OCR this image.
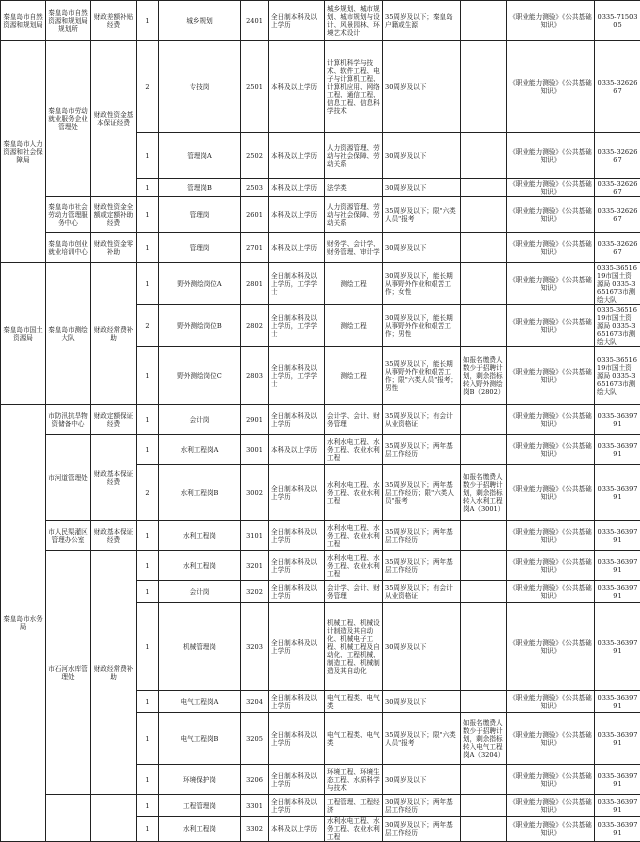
秦皇岛市自然资源和规划局	秦皇岛市自然资源和规划局规划所	财政差额补贴经费	1	城乡规划	2401	全日制本科及以上学历	城乡规划、城市规划、城市规划与设计、风景园林、环境艺术设计	35周岁及以下；秦皇岛户籍或生源		《职业能力测验》《公共基础知识》	0335-7150305
秦皇岛市人力资源和社会保障局	秦皇岛市劳动就业服务企业管理处	财政性资金基本保证经费	2	专技岗	2501	本科及以上学历	计算机科学与技术、软件工程、电子与计算机工程、计算机应用、网络工程、通信工程、信息工程、信息科学技术	30周岁及以下		《职业能力测验》《公共基础知识》	0335-3262667
			1	管理岗A	2502	本科及以上学历	人力资源管理、劳动与社会保障、劳动关系	30周岁及以下		《职业能力测验》《公共基础知识》	0335-3262667
			1	管理岗B	2503	本科及以上学历	法学类	30周岁及以下		《职业能力测验》《公共基础知识》	0335-3262667
	秦皇岛市社会劳动力管理服务中心	财政性资金全额或定额补助经费	1	管理岗	2601	本科及以上学历	人力资源管理、劳动与社会保障、劳动关系	35周岁及以下；限"六类人员"报考		《职业能力测验》《公共基础知识》	0335-3262667
	秦皇岛市创业就业培训中心	财政性资金零补助	1	管理岗	2701	本科及以上学历	财务学、会计学、财务管理、审计学	30周岁及以下		《职业能力测验》《公共基础知识》	0335-3262667
秦皇岛市国土资源局	秦皇岛市测绘大队	财政经常费补助	1	野外测绘岗位A	2801	全日制本科及以上学历，工学学士	测绘工程	30周岁及以下，能长期从事野外作业和艰苦工作；女性		《职业能力测验》《公共基础知识》	0335-3651619市国土资源局 0335-3651673市测绘大队
			2	野外测绘岗位B	2802	全日制本科及以上学历，工学学士	测绘工程	30周岁及以下，能长期从事野外作业和艰苦工作；男性		《职业能力测验》《公共基础知识》	0335-3651619市国土资源局 0335-3651673市测绘大队
			1	野外测绘岗位C	2803	全日制本科及以上学历，工学学士	测绘工程	35周岁及以下，能长期从事野外作业和艰苦工作；限"六类人员"报考；男性	如报名缴费人数少于招聘计划，剩余指标转入野外测绘岗B（2802）	《职业能力测验》《公共基础知识》	0335-3651619市国土资源局 0335-3651673市测绘大队
秦皇岛市水务局	市防汛抗旱物资储备中心	财政定额保证经费	1	会计岗	2901	全日制本科及以上学历	会计学、会计、财务管理	35周岁及以下；有会计从业资格证		《职业能力测验》《公共基础知识》	0335-3639791
	市河道管理处	财政基本保证经费	1	水利工程岗A	3001	本科及以上学历	水利水电工程、水务工程、农业水利工程	35周岁及以下；两年基层工作经历		《职业能力测验》《公共基础知识》	0335-3639791
			2	水利工程岗B	3002	全日制本科及以上学历	水利水电工程、水务工程、农业水利工程	35周岁及以下；两年基层工作经历；限"六类人员"报考	如报名缴费人数少于招聘计划，剩余指标转入水利工程岗A（3001）	《职业能力测验》《公共基础知识》	0335-3639791
	市人民渠灌区管理办公室	财政基本保证经费	1	水利工程岗	3101	全日制本科及以上学历	水利水电工程、水务工程、农业水利工程	35周岁及以下；两年基层工作经历		《职业能力测验》《公共基础知识》	0335-3639791
	市石河水库管理处	财政经常费补助	1	水利工程岗	3201	全日制本科及以上学历	水利水电工程、水务工程、农业水利工程	35周岁及以下；两年基层工作经历		《职业能力测验》《公共基础知识》	0335-3639791
			1	会计岗	3202	全日制本科及以上学历	会计学、会计、财务管理	35周岁及以下；有会计从业资格证		《职业能力测验》《公共基础知识》	0335-3639791
			1	机械管理岗	3203	全日制本科及以上学历	机械工程、机械设计制造及其自动化、机械电子工程、机械工程及自动化、工程机械、制造工程、机械制造及其自动化	30周岁及以下		《职业能力测验》《公共基础知识》	0335-3639791
			1	电气工程岗A	3204	全日制本科及以上学历	电气工程类、电气类	30周岁及以下		《职业能力测验》《公共基础知识》	0335-3639791
			1	电气工程岗B	3205	全日制本科及以上学历	电气工程类、电气类	35周岁及以下；限"六类人员"报考	如报名缴费人数少于招聘计划，剩余指标转入电气工程岗A（3204）	《职业能力测验》《公共基础知识》	0335-3639791
			1	环境保护岗	3206	全日制本科及以上学历	环境工程、环境生态工程、水质科学与技术	30周岁及以下		《职业能力测验》《公共基础知识》	0335-3639791
			1	工程管理岗	3301	全日制本科及以上学历	工程管理、工程经济	30周岁及以下；两年基层工作经历		《职业能力测验》《公共基础知识》	0335-3639791
			1	水利工程岗	3302	本科及以上学历	水利水电工程、水务工程、农业水利工程	30周岁及以下；两年基层工作经历		《职业能力测验》《公共基础知识》	0335-3639791
